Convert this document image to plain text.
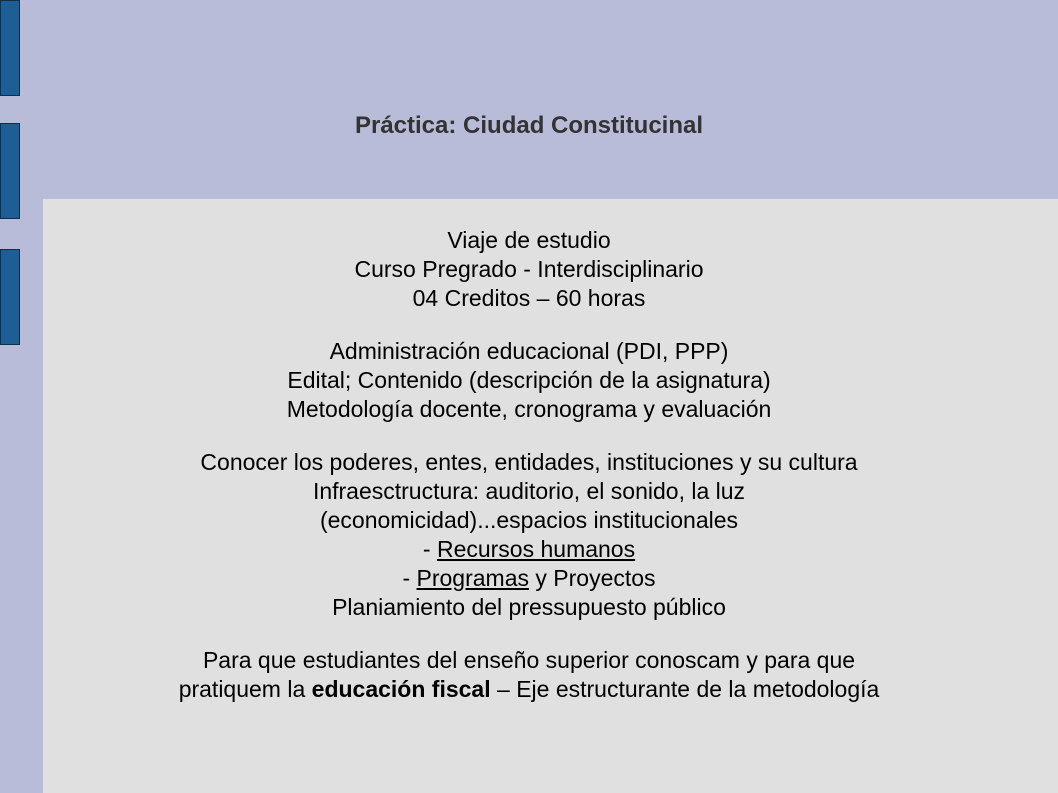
Práctica: Ciudad Constitucinal
Viaje de estudio
Curso Pregrado - Interdisciplinario
04 Creditos – 60 horas
Administración educacional (PDI, PPP)
Edital; Contenido (descripción de la asignatura)
Metodología docente, cronograma y evaluación
Conocer los poderes, entes, entidades, instituciones y su cultura
Infraesctructura: auditorio, el sonido, la luz
(economicidad)...espacios institucionales
- Recursos humanos
- Programas y Proyectos
Planiamiento del pressupuesto público
Para que estudiantes del enseño superior conoscam y para que
pratiquem la educación fiscal – Eje estructurante de la metodología
